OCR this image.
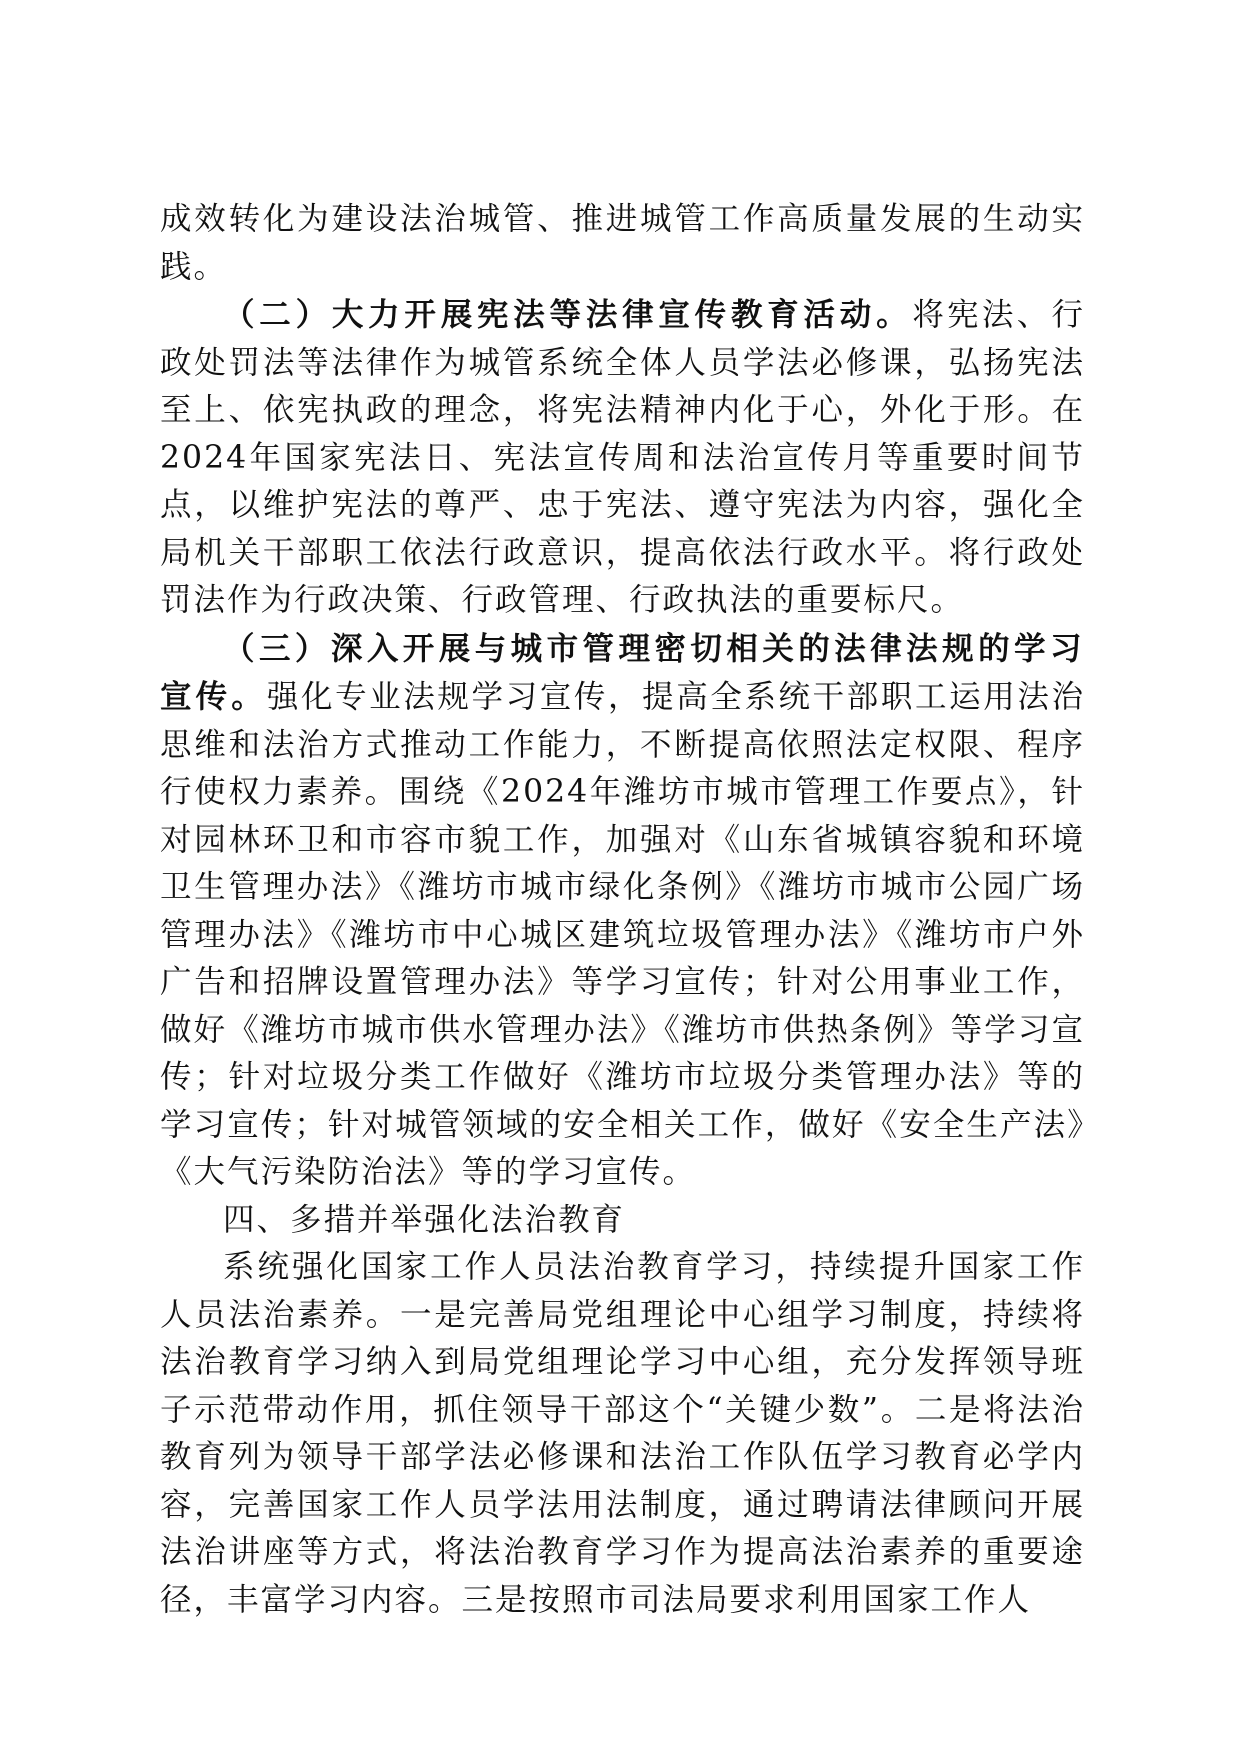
成效转化为建设法治城管、推进城管工作高质量发展的生动实践。

（二）大力开展宪法等法律宣传教育活动。将宪法、行政处罚法等法律作为城管系统全体人员学法必修课，弘扬宪法至上、依宪执政的理念，将宪法精神内化于心，外化于形。在2024年国家宪法日、宪法宣传周和法治宣传月等重要时间节点，以维护宪法的尊严、忠于宪法、遵守宪法为内容，强化全局机关干部职工依法行政意识，提高依法行政水平。将行政处罚法作为行政决策、行政管理、行政执法的重要标尺。

（三）深入开展与城市管理密切相关的法律法规的学习宣传。强化专业法规学习宣传，提高全系统干部职工运用法治思维和法治方式推动工作能力，不断提高依照法定权限、程序行使权力素养。围绕《2024年潍坊市城市管理工作要点》，针对园林环卫和市容市貌工作，加强对《山东省城镇容貌和环境卫生管理办法》《潍坊市城市绿化条例》《潍坊市城市公园广场管理办法》《潍坊市中心城区建筑垃圾管理办法》《潍坊市户外广告和招牌设置管理办法》等学习宣传；针对公用事业工作，做好《潍坊市城市供水管理办法》《潍坊市供热条例》等学习宣传；针对垃圾分类工作做好《潍坊市垃圾分类管理办法》等的学习宣传；针对城管领域的安全相关工作，做好《安全生产法》《大气污染防治法》等的学习宣传。

四、多措并举强化法治教育

系统强化国家工作人员法治教育学习，持续提升国家工作人员法治素养。一是完善局党组理论中心组学习制度，持续将法治教育学习纳入到局党组理论学习中心组，充分发挥领导班子示范带动作用，抓住领导干部这个“关键少数”。二是将法治教育列为领导干部学法必修课和法治工作队伍学习教育必学内容，完善国家工作人员学法用法制度，通过聘请法律顾问开展法治讲座等方式，将法治教育学习作为提高法治素养的重要途径，丰富学习内容。三是按照市司法局要求利用国家工作人
